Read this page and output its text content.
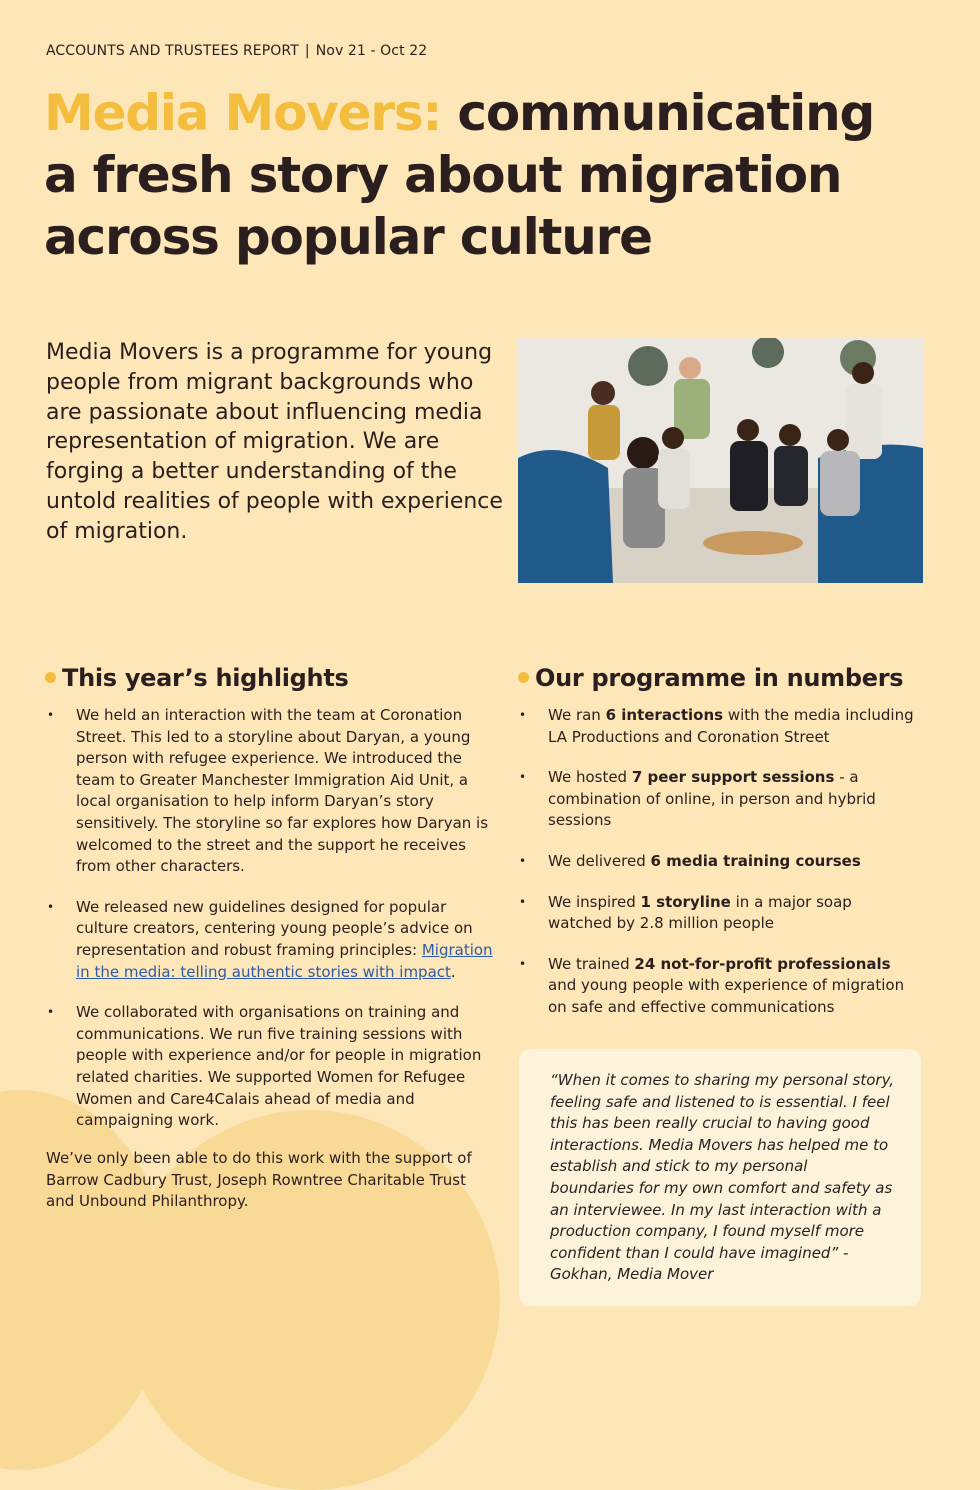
ACCOUNTS AND TRUSTEES REPORT | Nov 21 - Oct 22
Media Movers: communicating
a fresh story about migration
across popular culture

Media Movers is a programme for young people from migrant backgrounds who are passionate about influencing media representation of migration. We are forging a better understanding of the untold realities of people with experience of migration.

This year’s highlights
• We held an interaction with the team at Coronation Street. This led to a storyline about Daryan, a young person with refugee experience. We introduced the team to Greater Manchester Immigration Aid Unit, a local organisation to help inform Daryan’s story sensitively. The storyline so far explores how Daryan is welcomed to the street and the support he receives from other characters.
• We released new guidelines designed for popular culture creators, centering young people’s advice on representation and robust framing principles: Migration in the media: telling authentic stories with impact.
• We collaborated with organisations on training and communications. We run five training sessions with people with experience and/or for people in migration related charities. We supported Women for Refugee Women and Care4Calais ahead of media and campaigning work.

We’ve only been able to do this work with the support of Barrow Cadbury Trust, Joseph Rowntree Charitable Trust and Unbound Philanthropy.

Our programme in numbers
• We ran 6 interactions with the media including LA Productions and Coronation Street
• We hosted 7 peer support sessions - a combination of online, in person and hybrid sessions
• We delivered 6 media training courses
• We inspired 1 storyline in a major soap watched by 2.8 million people
• We trained 24 not-for-profit professionals and young people with experience of migration on safe and effective communications

“When it comes to sharing my personal story, feeling safe and listened to is essential. I feel this has been really crucial to having good interactions. Media Movers has helped me to establish and stick to my personal boundaries for my own comfort and safety as an interviewee. In my last interaction with a production company, I found myself more confident than I could have imagined” - Gokhan, Media Mover
